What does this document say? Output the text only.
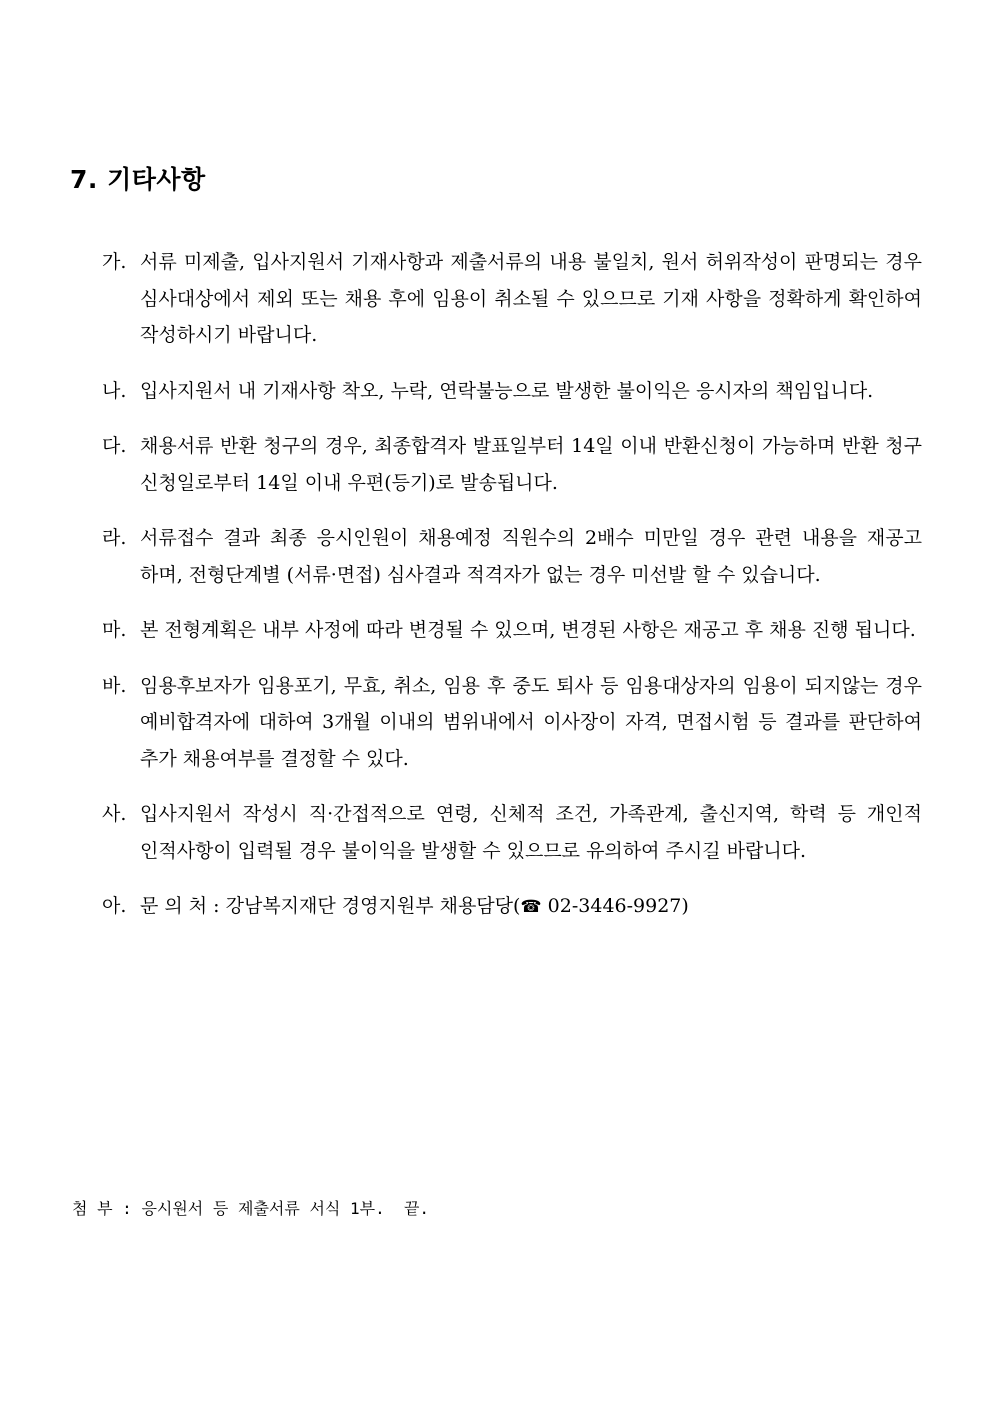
7. 기타사항
가. 서류 미제출, 입사지원서 기재사항과 제출서류의 내용 불일치, 원서 허위작성이 판명되는 경우 심사대상에서 제외 또는 채용 후에 임용이 취소될 수 있으므로 기재 사항을 정확하게 확인하여 작성하시기 바랍니다.
나. 입사지원서 내 기재사항 착오, 누락, 연락불능으로 발생한 불이익은 응시자의 책임입니다.
다. 채용서류 반환 청구의 경우, 최종합격자 발표일부터 14일 이내 반환신청이 가능하며 반환 청구 신청일로부터 14일 이내 우편(등기)로 발송됩니다.
라. 서류접수 결과 최종 응시인원이 채용예정 직원수의 2배수 미만일 경우 관련 내용을 재공고 하며, 전형단계별 (서류·면접) 심사결과 적격자가 없는 경우 미선발 할 수 있습니다.
마. 본 전형계획은 내부 사정에 따라 변경될 수 있으며, 변경된 사항은 재공고 후 채용 진행 됩니다.
바. 임용후보자가 임용포기, 무효, 취소, 임용 후 중도 퇴사 등 임용대상자의 임용이 되지않는 경우 예비합격자에 대하여 3개월 이내의 범위내에서 이사장이 자격, 면접시험 등 결과를 판단하여 추가 채용여부를 결정할 수 있다.
사. 입사지원서 작성시 직·간접적으로 연령, 신체적 조건, 가족관계, 출신지역, 학력 등 개인적 인적사항이 입력될 경우 불이익을 발생할 수 있으므로 유의하여 주시길 바랍니다.
아. 문 의 처 : 강남복지재단 경영지원부 채용담당(☎ 02-3446-9927)
첨 부 : 응시원서 등 제출서류 서식 1부.  끝.
